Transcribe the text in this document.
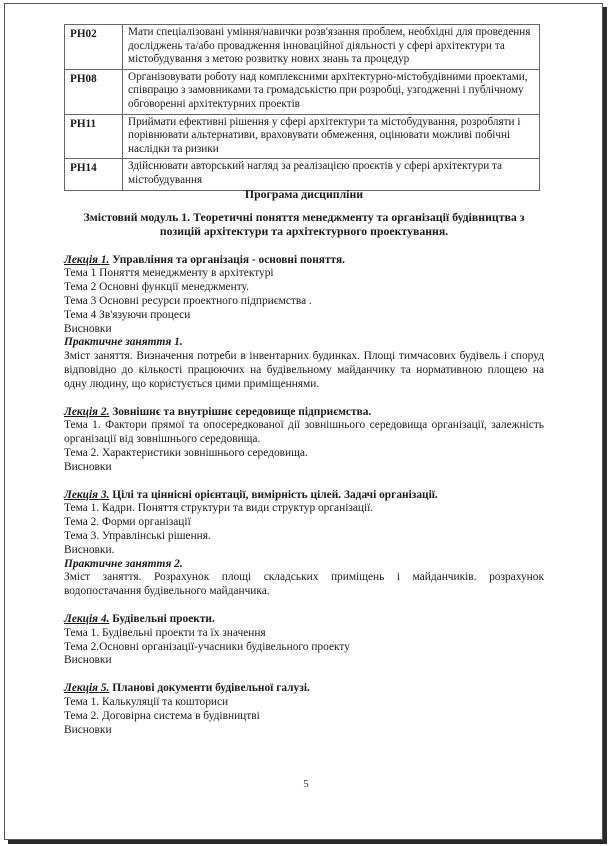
РН02	Мати спеціалізовані уміння/навички розв'язання проблем, необхідні для проведення досліджень та/або провадження інноваційної діяльності у сфері архітектури та містобудування з метою розвитку нових знань та процедур
РН08	Організовувати роботу над комплексними архітектурно-містобудівними проектами, співпрацю з замовниками та громадськістю при розробці, узгодженні і публічному обговоренні архітектурних проектів
РН11	Приймати ефективні рішення у сфері архітектури та містобудування, розробляти і порівнювати альтернативи, враховувати обмеження, оцінювати можливі побічні наслідки та ризики
РН14	Здійснювати авторський нагляд за реалізацією проєктів у сфері архітектури та містобудування

Програма дисципліни

Змістовий модуль 1. Теоретичні поняття менеджменту та організації будівництва з позицій архітектури та архітектурного проектування.

Лекція 1. Управління та організація - основні поняття.

Тема 1 Поняття менеджменту в архітектурі

Тема 2 Основні функції менеджменту.

Тема 3 Основні ресурси проектного підприємства .

Тема 4 Зв'язуючи процеси

Висновки

Практичне заняття 1.

Зміст заняття. Визначення потреби в інвентарних будинках. Площі тимчасових будівель і споруд відповідно до кількості працюючих на будівельному майданчику та нормативною площею на одну людину, що користується цими приміщеннями.

Лекція 2. Зовнішнє та внутрішнє середовище підприємства.

Тема 1. Фактори прямої та опосередкованої дії зовнішнього середовища організації, залежність організації від зовнішнього середовища.

Тема 2. Характеристики зовнішнього середовища.

Висновки

Лекція 3. Цілі та ціннісні орієнтації, вимірність цілей. Задачі організації.

Тема 1. Кадри. Поняття структури та види структур організації.

Тема 2. Форми організації

Тема 3. Управлінські рішення.

Висновки.

Практичне заняття 2.

Зміст заняття. Розрахунок площі складських приміщень і майданчиків. розрахунок водопостачання будівельного майданчика.

Лекція 4. Будівельні проекти.

Тема 1. Будівельні проекти та їх значення

Тема 2.Основні організації-учасники будівельного проекту

Висновки

Лекція 5. Планові документи будівельної галузі.

Тема 1. Калькуляції та кошториси

Тема 2. Договірна система в будівництві

Висновки

5
